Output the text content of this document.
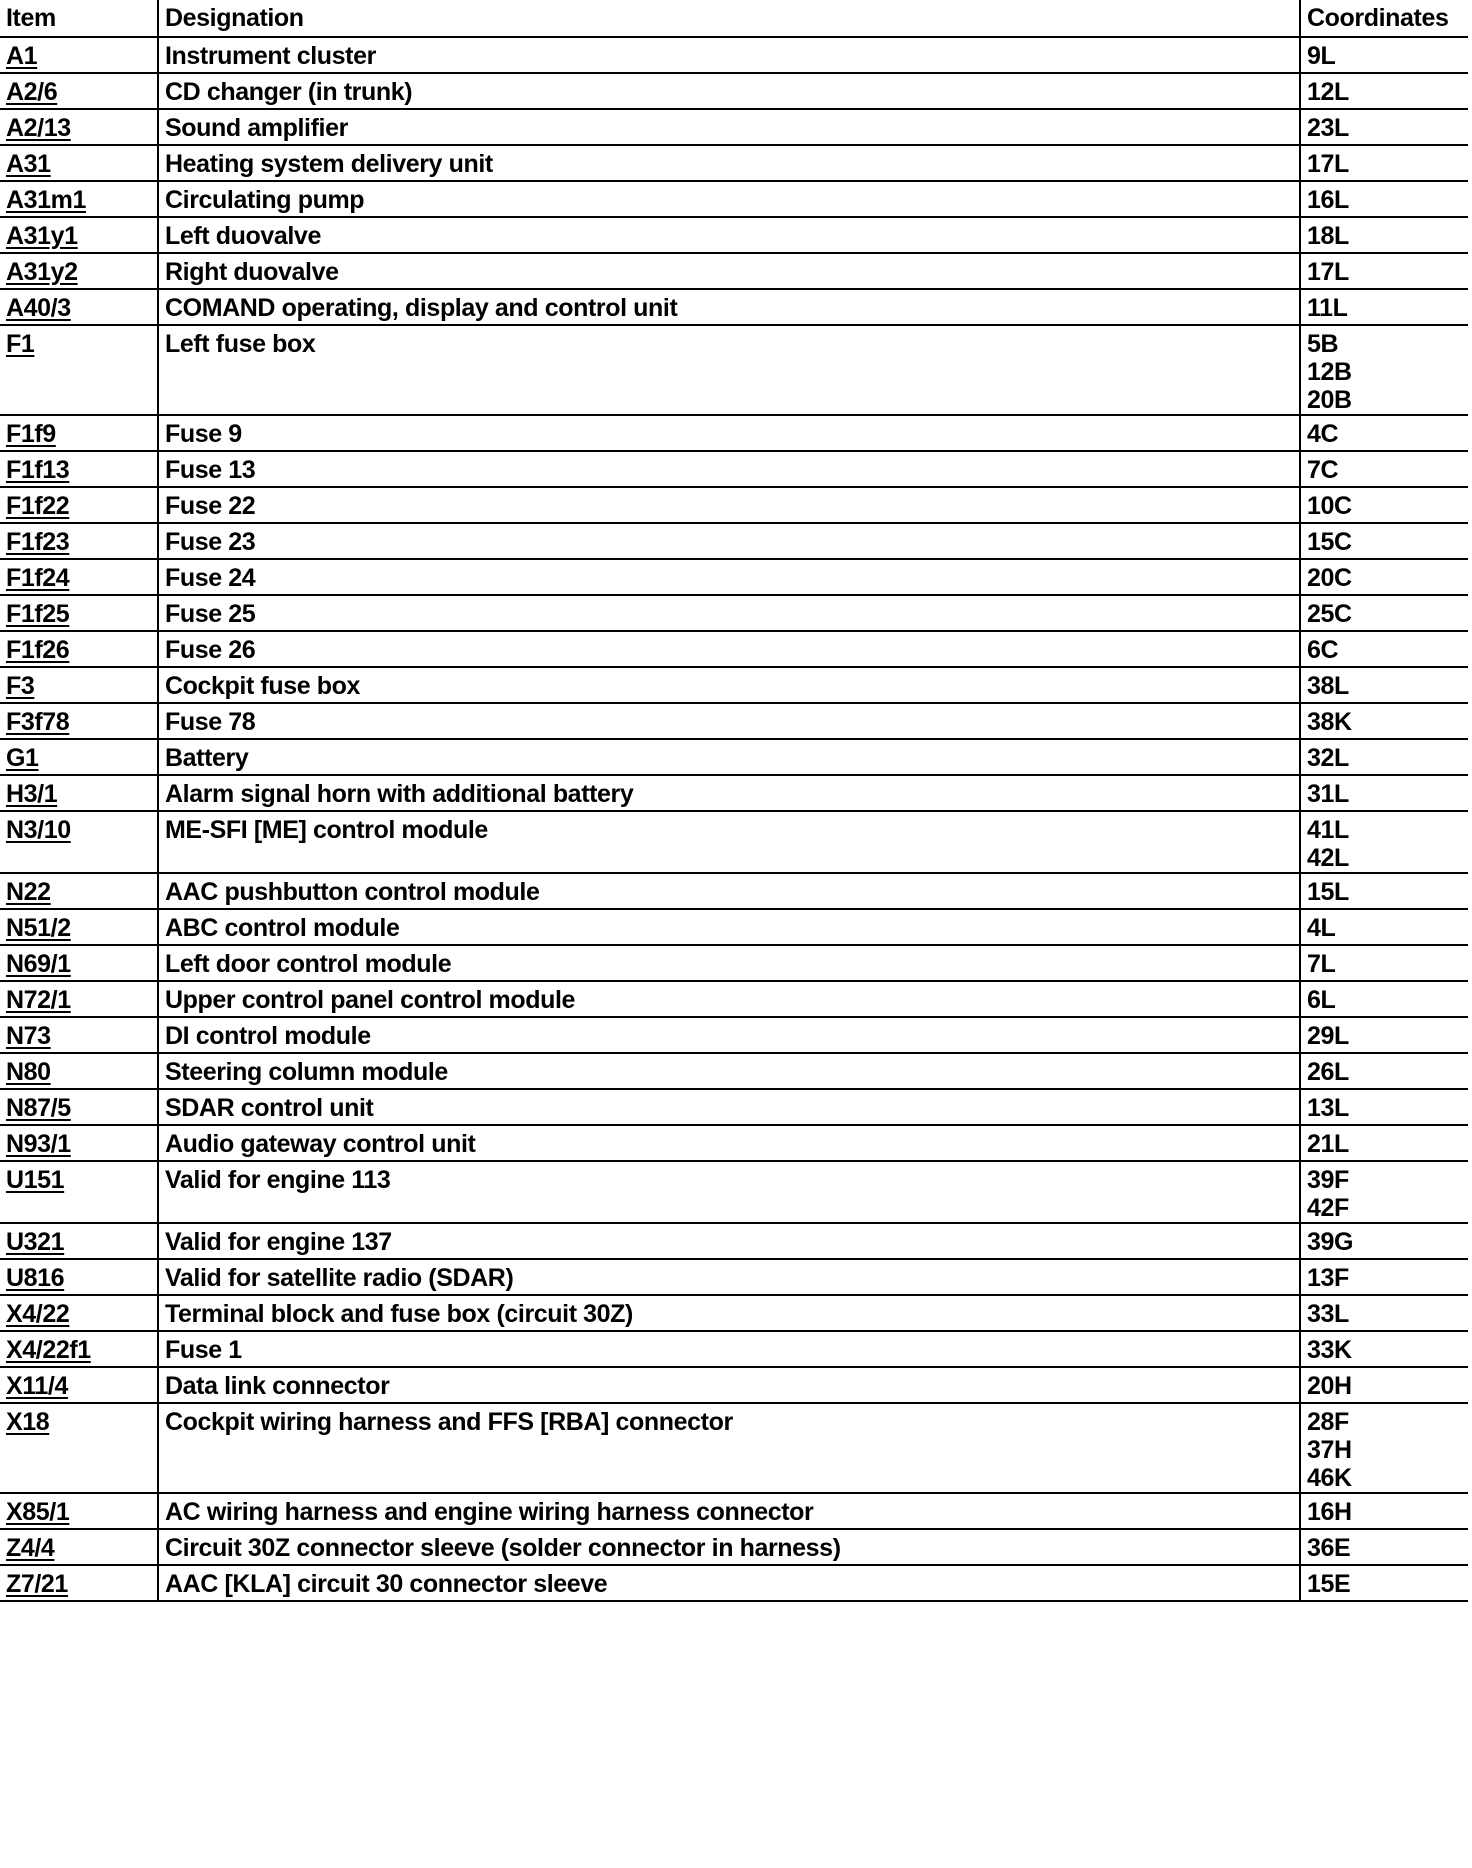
Item	Designation	Coordinates
A1	Instrument cluster	9L

A2/6	CD changer (in trunk)	12L

A2/13	Sound amplifier	23L

A31	Heating system delivery unit	17L

A31m1	Circulating pump	16L

A31y1	Left duovalve	18L

A31y2	Right duovalve	17L

A40/3	COMAND operating, display and control unit	11L

F1	Left fuse box	5B
12B
20B

F1f9	Fuse 9	4C

F1f13	Fuse 13	7C

F1f22	Fuse 22	10C

F1f23	Fuse 23	15C

F1f24	Fuse 24	20C

F1f25	Fuse 25	25C

F1f26	Fuse 26	6C

F3	Cockpit fuse box	38L

F3f78	Fuse 78	38K

G1	Battery	32L

H3/1	Alarm signal horn with additional battery	31L

N3/10	ME-SFI [ME] control module	41L
42L

N22	AAC pushbutton control module	15L

N51/2	ABC control module	4L

N69/1	Left door control module	7L

N72/1	Upper control panel control module	6L

N73	DI control module	29L

N80	Steering column module	26L

N87/5	SDAR control unit	13L

N93/1	Audio gateway control unit	21L

U151	Valid for engine 113	39F
42F

U321	Valid for engine 137	39G

U816	Valid for satellite radio (SDAR)	13F

X4/22	Terminal block and fuse box (circuit 30Z)	33L

X4/22f1	Fuse 1	33K

X11/4	Data link connector	20H

X18	Cockpit wiring harness and FFS [RBA] connector	28F
37H
46K

X85/1	AC wiring harness and engine wiring harness connector	16H

Z4/4	Circuit 30Z connector sleeve (solder connector in harness)	36E

Z7/21	AAC [KLA] circuit 30 connector sleeve	15E
